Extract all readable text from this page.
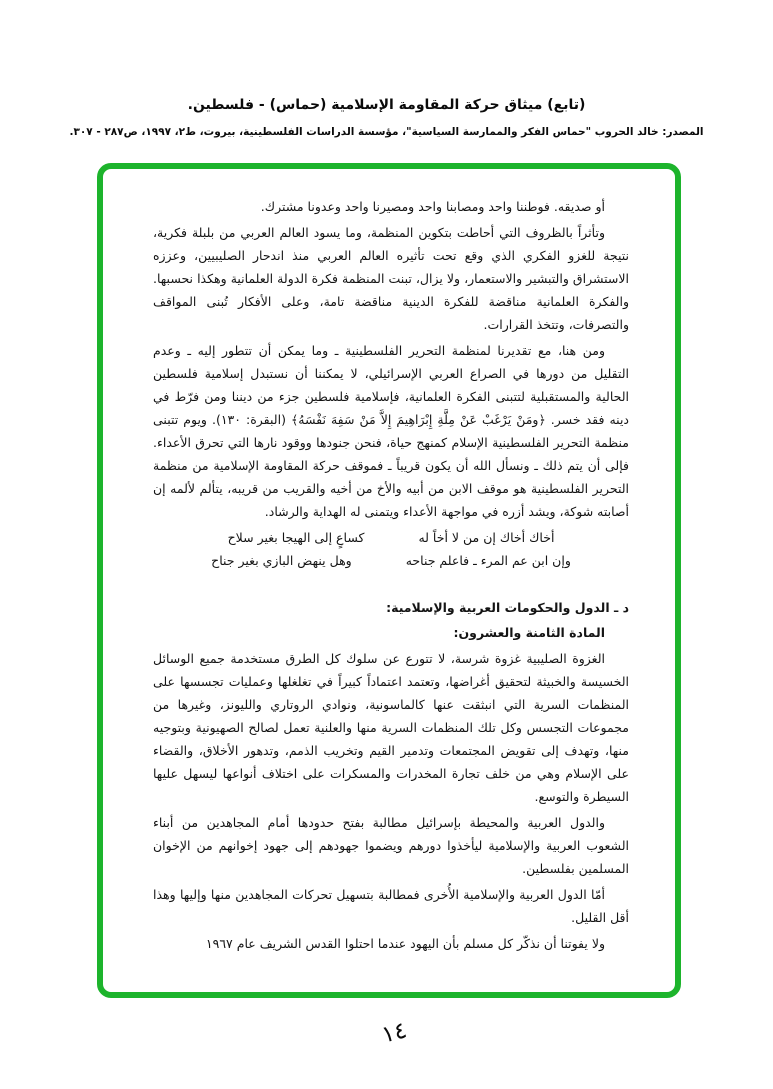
(تابع) ميثاق حركة المقاومة الإسلامية (حماس) - فلسطين.
المصدر: خالد الحروب "حماس الفكر والممارسة السياسية"، مؤسسة الدراسات الفلسطينية، بيروت، ط٢، ١٩٩٧، ص٢٨٧ - ٣٠٧.
أو صديقه. فوطننا واحد ومصابنا واحد ومصيرنا واحد وعدونا مشترك.
وتأثراً بالظروف التي أحاطت بتكوين المنظمة، وما يسود العالم العربي من بلبلة فكرية، نتيجة للغزو الفكري الذي وقع تحت تأثيره العالم العربي منذ اندحار الصليبيين، وعززه الاستشراق والتبشير والاستعمار، ولا يزال، تبنت المنظمة فكرة الدولة العلمانية وهكذا نحسبها. والفكرة العلمانية مناقضة للفكرة الدينية مناقضة تامة، وعلى الأفكار تُبنى المواقف والتصرفات، وتتخذ القرارات.
ومن هنا، مع تقديرنا لمنظمة التحرير الفلسطينية ـ وما يمكن أن تتطور إليه ـ وعدم التقليل من دورها في الصراع العربي الإسرائيلي، لا يمكننا أن نستبدل إسلامية فلسطين الحالية والمستقبلية لتتبنى الفكرة العلمانية، فإسلامية فلسطين جزء من ديننا ومن فرّط في دينه فقد خسر. ﴿ومَنْ يَرْغَبْ عَنْ مِلَّةِ إِبْرَاهِيمَ إِلاَّ مَنْ سَفِهَ نَفْسَهُ﴾ (البقرة: ١٣٠). ويوم تتبنى منظمة التحرير الفلسطينية الإسلام كمنهج حياة، فنحن جنودها ووقود نارها التي تحرق الأعداء. فإلى أن يتم ذلك ـ ونسأل الله أن يكون قريباً ـ فموقف حركة المقاومة الإسلامية من منظمة التحرير الفلسطينية هو موقف الابن من أبيه والأخ من أخيه والقريب من قريبه، يتألم لألمه إن أصابته شوكة، ويشد أزره في مواجهة الأعداء ويتمنى له الهداية والرشاد.
أخاك أخاك إن من لا أخاً له
كساعٍ إلى الهيجا بغير سلاح
وإن ابن عم المرء ـ فاعلم جناحه
وهل ينهض البازي بغير جناح
د ـ الدول والحكومات العربية والإسلامية:
المادة الثامنة والعشرون:
الغزوة الصليبية غزوة شرسة، لا تتورع عن سلوك كل الطرق مستخدمة جميع الوسائل الخسيسة والخبيثة لتحقيق أغراضها، وتعتمد اعتماداً كبيراً في تغلغلها وعمليات تجسسها على المنظمات السرية التي انبثقت عنها كالماسونية، ونوادي الروتاري والليونز، وغيرها من مجموعات التجسس وكل تلك المنظمات السرية منها والعلنية تعمل لصالح الصهيونية وبتوجيه منها، وتهدف إلى تقويض المجتمعات وتدمير القيم وتخريب الذمم، وتدهور الأخلاق، والقضاء على الإسلام وهي من خلف تجارة المخدرات والمسكرات على اختلاف أنواعها ليسهل عليها السيطرة والتوسع.
والدول العربية والمحيطة بإسرائيل مطالبة بفتح حدودها أمام المجاهدين من أبناء الشعوب العربية والإسلامية ليأخذوا دورهم ويضموا جهودهم إلى جهود إخوانهم من الإخوان المسلمين بفلسطين.
أمّا الدول العربية والإسلامية الأُخرى فمطالبة بتسهيل تحركات المجاهدين منها وإليها وهذا أقل القليل.
ولا يفوتنا أن نذكّر كل مسلم بأن اليهود عندما احتلوا القدس الشريف عام ١٩٦٧
١٤
